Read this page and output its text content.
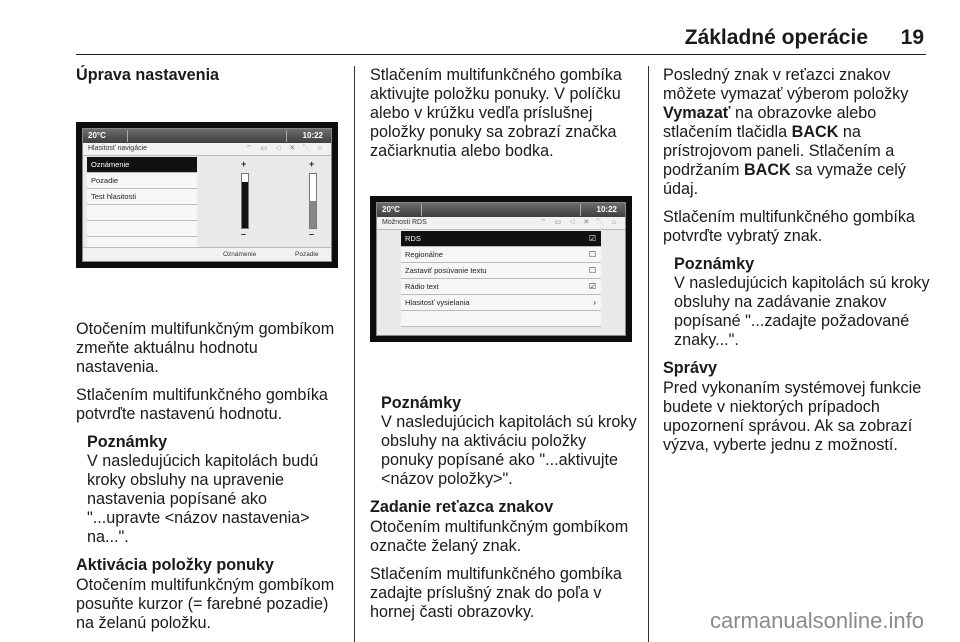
Základné operácie 19

Úprava nastavenia

20°C	10:22
Hlasitosť navigácie	⌔ ▭ ◁ ✕ ↖ ⌂
Oznámenie
Pozadie
Test hlasitosti
+
–
+
–
Oznámenie	Pozadie

Otočením multifunkčným gombíkom zmeňte aktuálnu hodnotu nastavenia.

Stlačením multifunkčného gombíka potvrďte nastavenú hodnotu.

Poznámky
V nasledujúcich kapitolách budú kroky obsluhy na upravenie nastavenia popísané ako "...upravte <názov nastavenia> na...".

Aktivácia položky ponuky

Otočením multifunkčným gombíkom posuňte kurzor (= farebné pozadie) na želanú položku.

Stlačením multifunkčného gombíka aktivujte položku ponuky. V políčku alebo v krúžku vedľa príslušnej položky ponuky sa zobrazí značka začiarknutia alebo bodka.

20°C	10:22
Možnosti RDS	⌔ ▭ ◁ ✕ ↖ ⌂
RDS	☑
Regionálne	☐
Zastaviť posúvanie textu	☐
Rádio text	☑
Hlasitosť vysielania	›
Poznámky
V nasledujúcich kapitolách sú kroky obsluhy na aktiváciu položky ponuky popísané ako "...aktivujte <názov položky>".

Zadanie reťazca znakov

Otočením multifunkčným gombíkom označte želaný znak.

Stlačením multifunkčného gombíka zadajte príslušný znak do poľa v hornej časti obrazovky.

Posledný znak v reťazci znakov môžete vymazať výberom položky Vymazať na obrazovke alebo stlačením tlačidla BACK na prístrojovom paneli. Stlačením a podržaním BACK sa vymaže celý údaj.

Stlačením multifunkčného gombíka potvrďte vybratý znak.

Poznámky
V nasledujúcich kapitolách sú kroky obsluhy na zadávanie znakov popísané "...zadajte požadované znaky...".

Správy

Pred vykonaním systémovej funkcie budete v niektorých prípadoch upozornení správou. Ak sa zobrazí výzva, vyberte jednu z možností.

carmanualsonline.info
